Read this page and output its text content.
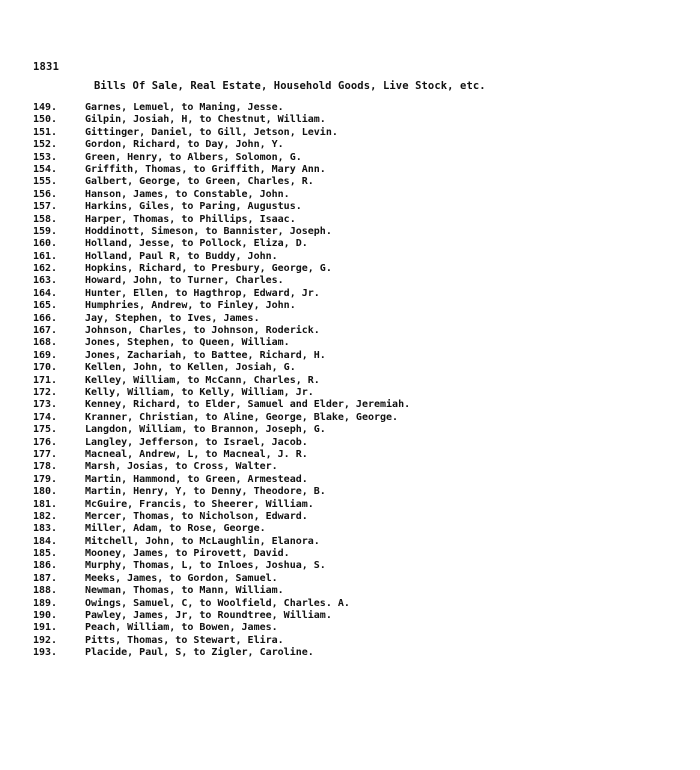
1831
Bills Of Sale, Real Estate, Household Goods, Live Stock, etc.
149.	Garnes, Lemuel, to Maning, Jesse.
150.	Gilpin, Josiah, H, to Chestnut, William.
151.	Gittinger, Daniel, to Gill, Jetson, Levin.
152.	Gordon, Richard, to Day, John, Y.
153.	Green, Henry, to Albers, Solomon, G.
154.	Griffith, Thomas, to Griffith, Mary Ann.
155.	Galbert, George, to Green, Charles, R.
156.	Hanson, James, to Constable, John.
157.	Harkins, Giles, to Paring, Augustus.
158.	Harper, Thomas, to Phillips, Isaac.
159.	Hoddinott, Simeson, to Bannister, Joseph.
160.	Holland, Jesse, to Pollock, Eliza, D.
161.	Holland, Paul R, to Buddy, John.
162.	Hopkins, Richard, to Presbury, George, G.
163.	Howard, John, to Turner, Charles.
164.	Hunter, Ellen, to Hagthrop, Edward, Jr.
165.	Humphries, Andrew, to Finley, John.
166.	Jay, Stephen, to Ives, James.
167.	Johnson, Charles, to Johnson, Roderick.
168.	Jones, Stephen, to Queen, William.
169.	Jones, Zachariah, to Battee, Richard, H.
170.	Kellen, John, to Kellen, Josiah, G.
171.	Kelley, William, to McCann, Charles, R.
172.	Kelly, William, to Kelly, William, Jr.
173.	Kenney, Richard, to Elder, Samuel and Elder, Jeremiah.
174.	Kranner, Christian, to Aline, George, Blake, George.
175.	Langdon, William, to Brannon, Joseph, G.
176.	Langley, Jefferson, to Israel, Jacob.
177.	Macneal, Andrew, L, to Macneal, J. R.
178.	Marsh, Josias, to Cross, Walter.
179.	Martin, Hammond, to Green, Armestead.
180.	Martin, Henry, Y, to Denny, Theodore, B.
181.	McGuire, Francis, to Sheerer, William.
182.	Mercer, Thomas, to Nicholson, Edward.
183.	Miller, Adam, to Rose, George.
184.	Mitchell, John, to McLaughlin, Elanora.
185.	Mooney, James, to Pirovett, David.
186.	Murphy, Thomas, L, to Inloes, Joshua, S.
187.	Meeks, James, to Gordon, Samuel.
188.	Newman, Thomas, to Mann, William.
189.	Owings, Samuel, C, to Woolfield, Charles. A.
190.	Pawley, James, Jr, to Roundtree, William.
191.	Peach, William, to Bowen, James.
192.	Pitts, Thomas, to Stewart, Elira.
193.	Placide, Paul, S, to Zigler, Caroline.
